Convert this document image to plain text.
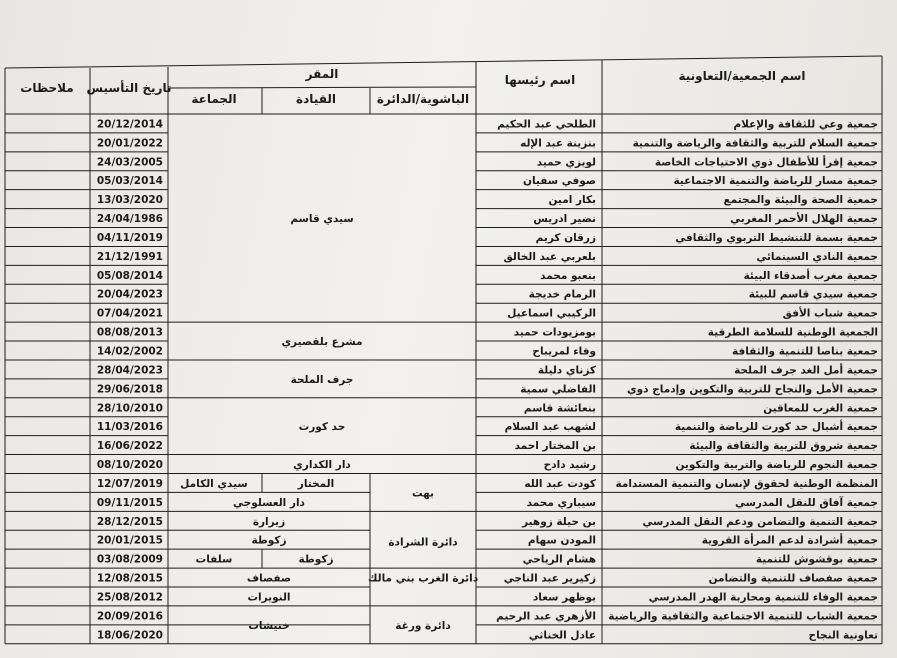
اسم الجمعية/التعاونية
اسم رئيسها
المقر
الباشوية/الدائرة
القيادة
الجماعة
تاريخ التأسيس
ملاحظات
جمعية وعي للثقافة والإعلام
الطلحي عبد الحكيم
20/12/2014
جمعية السلام للتربية والثقافة والرياضة والتنمية
بنزينة عبد الإله
20/01/2022
جمعية إقرأ للأطفال ذوي الاحتياجات الخاصة
لويزي حميد
24/03/2005
جمعية مسار للرياضة والتنمية الاجتماعية
صوفي سفيان
05/03/2014
جمعية الصحة والبيئة والمجتمع
بكار امين
13/03/2020
جمعية الهلال الأحمر المغربي
نضير ادريس
24/04/1986
جمعية بسمة للتنشيط التربوي والثقافي
زرقان كريم
04/11/2019
جمعية النادي السينمائي
بلعربي عبد الخالق
21/12/1991
جمعية مغرب أصدقاء البيئة
بنعبو محمد
05/08/2014
جمعية سيدي قاسم للبيئة
الرمام خديجة
20/04/2023
جمعية شباب الأفق
الركيبي اسماعيل
07/04/2021
الجمعية الوطنية للسلامة الطرقية
بومزيودات حميد
08/08/2013
جمعية بناصا للتنمية والثقافة
وفاء لمريباح
14/02/2002
جمعية أمل الغد جرف الملحة
كزناي دليلة
28/04/2023
جمعية الأمل والنجاح للتربية والتكوين وإدماج ذوي
الفاضلي سمية
29/06/2018
جمعية الغرب للمعاقين
بنعائشة قاسم
28/10/2010
جمعية أشبال حد كورت للرياضة والتنمية
لشهب عبد السلام
11/03/2016
جمعية شروق للتربية والثقافة والبيئة
بن المختار احمد
16/06/2022
جمعية النجوم للرياضة والتربية والتكوين
رشيد دادح
08/10/2020
المنظمة الوطنية لحقوق لإنسان والتنمية المستدامة
كودت عبد الله
12/07/2019
جمعية آفاق للنقل المدرسي
سيباري محمد
09/11/2015
جمعية التنمية والتضامن ودعم النقل المدرسي
بن حيلة زوهير
28/12/2015
جمعية أشرادة لدعم المرأة القروية
المودن سهام
20/01/2015
جمعية بوقشوش للتنمية
هشام الرياحي
03/08/2009
جمعية صفصاف للتنمية والتضامن
زكيرير عبد الناجي
12/08/2015
جمعية الوفاء للتنمية ومحاربة الهدر المدرسي
بوظهر سعاد
25/08/2012
جمعية الشباب للتنمية الاجتماعية والثقافية والرياضية
الأزهري عبد الرحيم
20/09/2016
تعاونية النجاح
عادل الخناثي
18/06/2020
سيدي قاسم
مشرع بلقصيري
جرف الملحة
حد كورت
دار الكداري
بهت
المختار
سيدي الكامل
دار العسلوجي
دائرة الشرادة
زيرارة
زكوطة
زكوطة
سلفات
دائرة الغرب بني مالك
صفصاف
النويرات
دائرة ورغة
خنيشات
